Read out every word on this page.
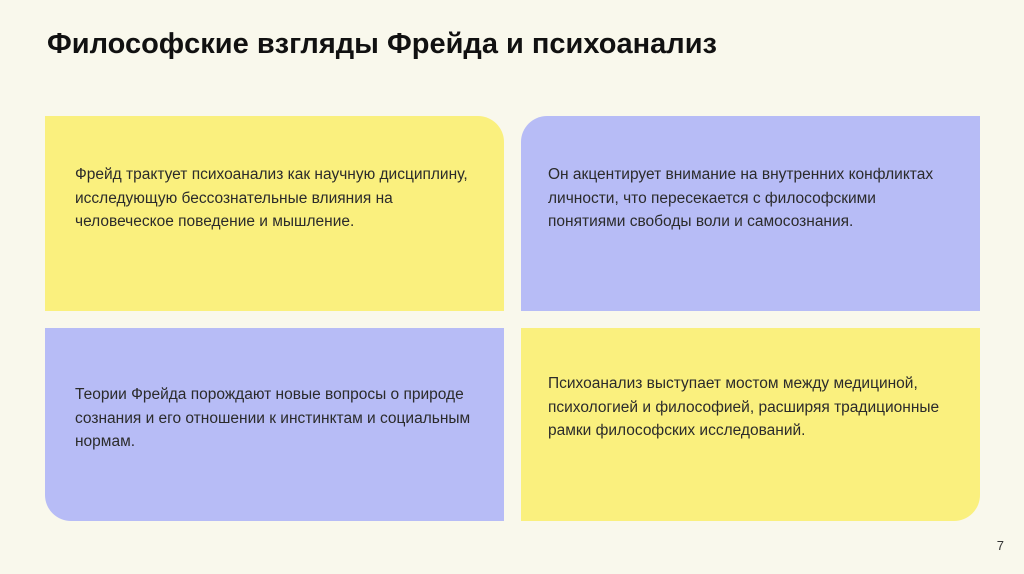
Философские взгляды Фрейда и психоанализ

Фрейд трактует психоанализ как научную дисциплину, исследующую бессознательные влияния на человеческое поведение и мышление.

Он акцентирует внимание на внутренних конфликтах личности, что пересекается с философскими понятиями свободы воли и самосознания.

Теории Фрейда порождают новые вопросы о природе сознания и его отношении к инстинктам и социальным нормам.

Психоанализ выступает мостом между медициной, психологией и философией, расширяя традиционные рамки философских исследований.

7
